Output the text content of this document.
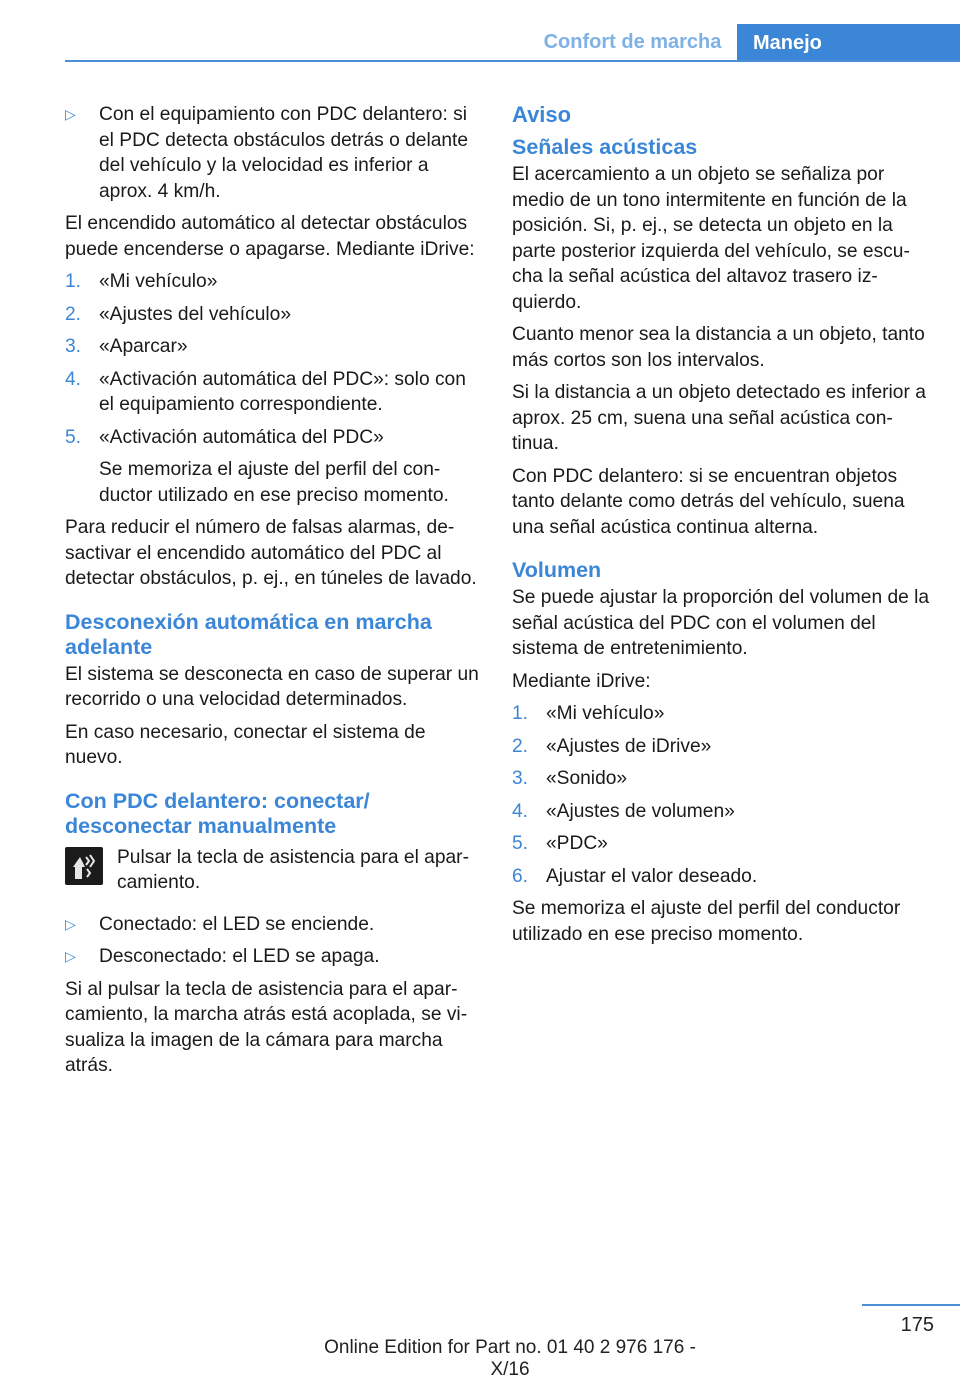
Confort de marcha	Manejo
▷	Con el equipamiento con PDC delantero: si el PDC detecta obstáculos detrás o delante del vehículo y la velocidad es inferior a aprox. 4 km/h.

El encendido automático al detectar obstáculos puede encenderse o apagarse. Mediante iDrive:

1. «Mi vehículo»
2. «Ajustes del vehículo»
3. «Aparcar»
4. «Activación automática del PDC»: solo con el equipamiento correspondiente.
5. «Activación automática del PDC»
Se memoriza el ajuste del perfil del conductor utilizado en ese preciso momento.

Para reducir el número de falsas alarmas, desactivar el encendido automático del PDC al detectar obstáculos, p. ej., en túneles de lavado.

Desconexión automática en marcha adelante

El sistema se desconecta en caso de superar un recorrido o una velocidad determinados.

En caso necesario, conectar el sistema de nuevo.

Con PDC delantero: conectar/ desconectar manualmente
Pulsar la tecla de asistencia para el aparcamiento.
▷	Conectado: el LED se enciende.
▷	Desconectado: el LED se apaga.

Si al pulsar la tecla de asistencia para el aparcamiento, la marcha atrás está acoplada, se visualiza la imagen de la cámara para marcha atrás.

Aviso
Señales acústicas

El acercamiento a un objeto se señaliza por medio de un tono intermitente en función de la posición. Si, p. ej., se detecta un objeto en la parte posterior izquierda del vehículo, se escucha la señal acústica del altavoz trasero izquierdo.

Cuanto menor sea la distancia a un objeto, tanto más cortos son los intervalos.

Si la distancia a un objeto detectado es inferior a aprox. 25 cm, suena una señal acústica continua.

Con PDC delantero: si se encuentran objetos tanto delante como detrás del vehículo, suena una señal acústica continua alterna.

Volumen

Se puede ajustar la proporción del volumen de la señal acústica del PDC con el volumen del sistema de entretenimiento.

Mediante iDrive:

1. «Mi vehículo»
2. «Ajustes de iDrive»
3. «Sonido»
4. «Ajustes de volumen»
5. «PDC»
6. Ajustar el valor deseado.

Se memoriza el ajuste del perfil del conductor utilizado en ese preciso momento.

175
Online Edition for Part no. 01 40 2 976 176 - X/16
